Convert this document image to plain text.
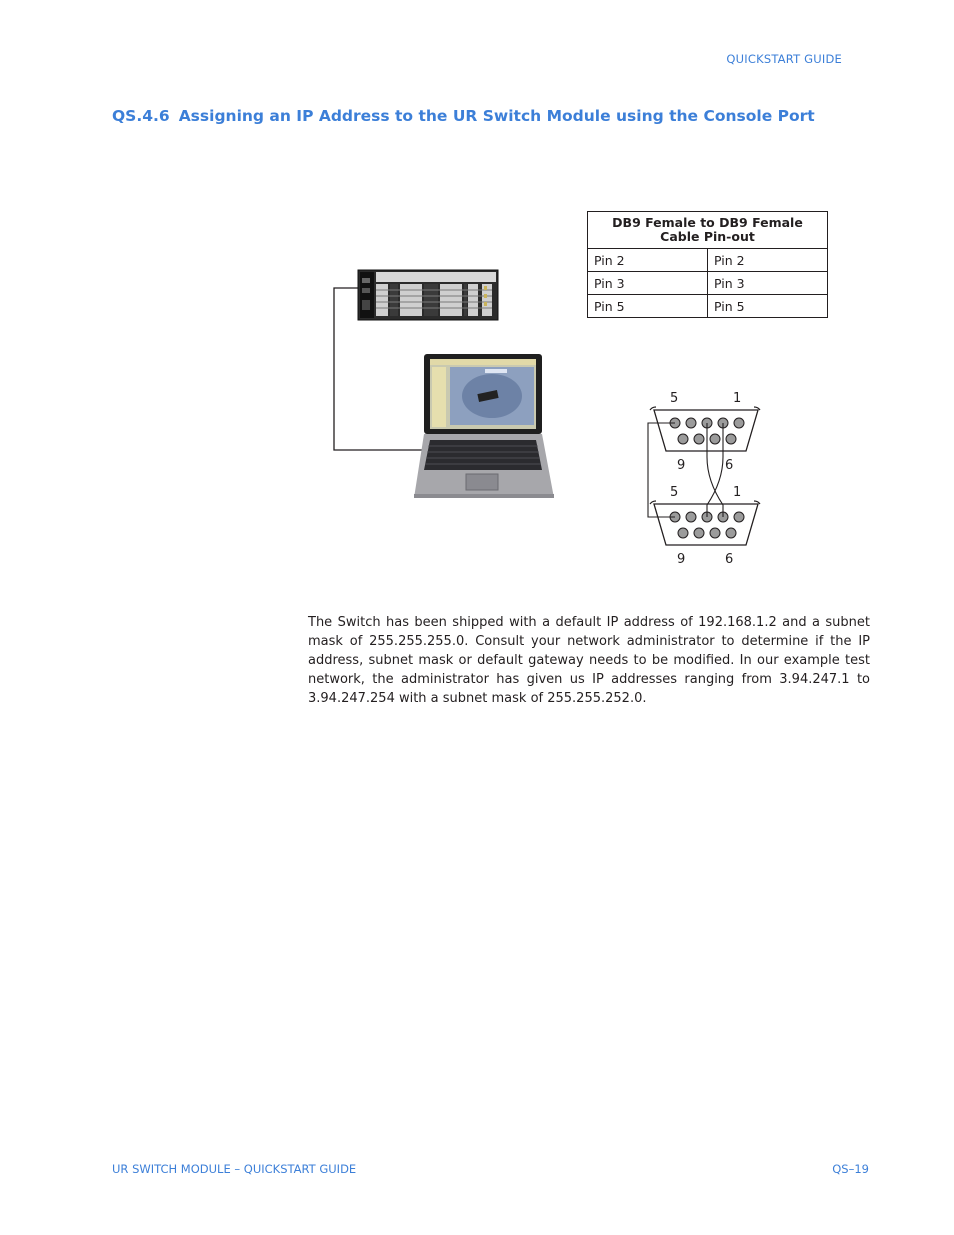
QUICKSTART GUIDE
QS.4.6 Assigning an IP Address to the UR Switch Module using the Console Port
DB9 Female to DB9 Female
Cable Pin-out	
Pin 2	Pin 2
Pin 3	Pin 3
Pin 5	Pin 5
5	1
9	6
5	1
9	6
The Switch has been shipped with a default IP address of 192.168.1.2 and a subnet mask of 255.255.255.0. Consult your network administrator to determine if the IP address, subnet mask or default gateway needs to be modified. In our example test network, the administrator has given us IP addresses ranging from 3.94.247.1 to 3.94.247.254 with a subnet mask of 255.255.252.0.
UR SWITCH MODULE – QUICKSTART GUIDE	QS–19
